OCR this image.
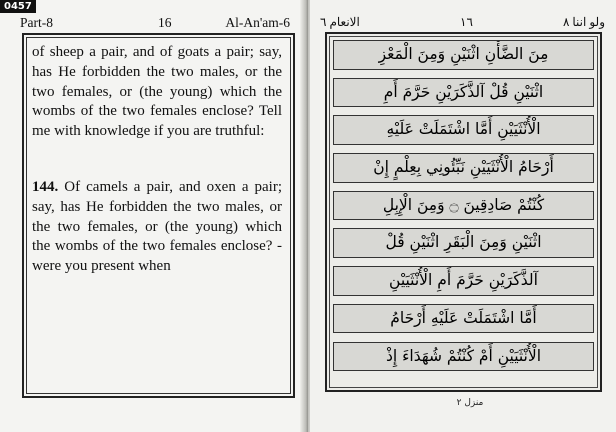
Part-8	16	Al-An'am-6	الانعام ٦	١٦	ولو اننا ٨
0457

of sheep a pair, and of goats a pair; say, has He forbidden the two males, or the two females, or (the young) which the wombs of the two females enclose? Tell me with knowledge if you are truthful:

144. Of camels a pair, and oxen a pair; say, has He forbidden the two males, or the two females, or (the young) which the wombs of the two females enclose? - were you present when

مِنَ الضَّأْنِ اثْنَيْنِ وَمِنَ الْمَعْزِ
اثْنَيْنِ قُلْ آلذَّكَرَيْنِ حَرَّمَ أَمِ
الْأُنْثَيَيْنِ أَمَّا اشْتَمَلَتْ عَلَيْهِ
أَرْحَامُ الْأُنْثَيَيْنِ نَبِّئُونِي بِعِلْمٍ إِنْ
كُنْتُمْ صَادِقِينَ ۝ وَمِنَ الْإِبِلِ
اثْنَيْنِ وَمِنَ الْبَقَرِ اثْنَيْنِ قُلْ
آلذَّكَرَيْنِ حَرَّمَ أَمِ الْأُنْثَيَيْنِ
أَمَّا اشْتَمَلَتْ عَلَيْهِ أَرْحَامُ
الْأُنْثَيَيْنِ أَمْ كُنْتُمْ شُهَدَاءَ إِذْ
منزل ٢
